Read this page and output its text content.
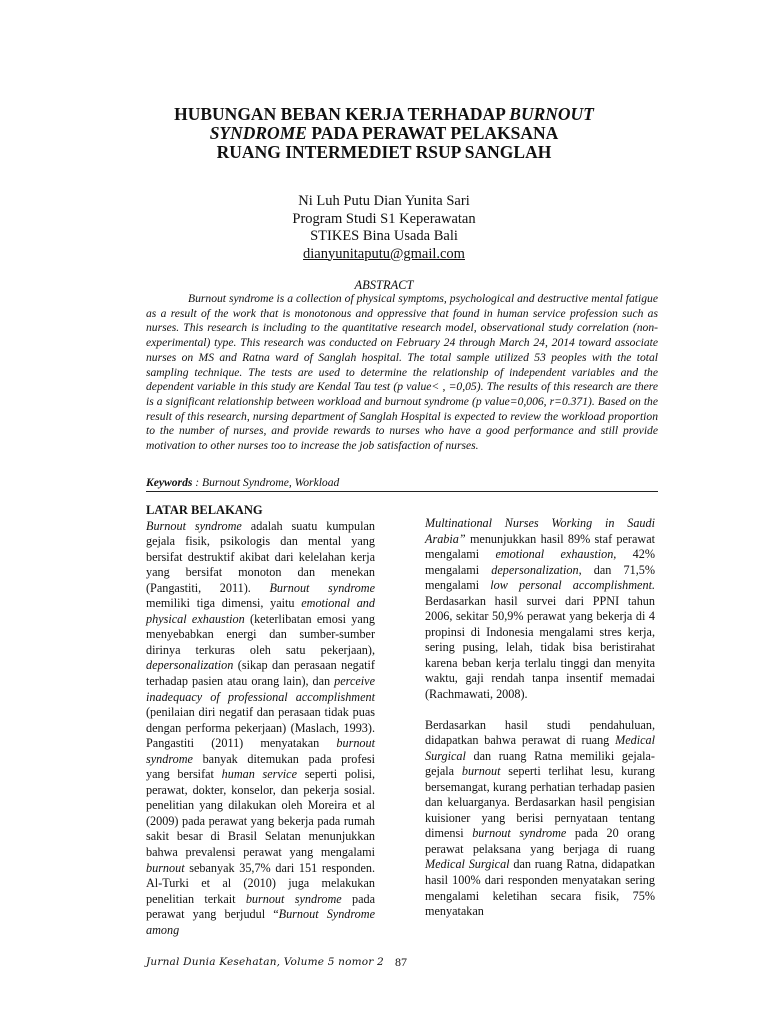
HUBUNGAN BEBAN KERJA TERHADAP BURNOUT
SYNDROME PADA PERAWAT PELAKSANA
RUANG INTERMEDIET RSUP SANGLAH
Ni Luh Putu Dian Yunita Sari
Program Studi S1 Keperawatan
STIKES Bina Usada Bali
dianyunitaputu@gmail.com
ABSTRACT

Burnout syndrome is a collection of physical symptoms, psychological and destructive mental fatigue as a result of the work that is monotonous and oppressive that found in human service profession such as nurses. This research is including to the quantitative research model, observational study correlation (non-experimental) type. This research was conducted on February 24 through March 24, 2014 toward associate nurses on MS and Ratna ward of Sanglah hospital. The total sample utilized 53 peoples with the total sampling technique. The tests are used to determine the relationship of independent variables and the dependent variable in this study are Kendal Tau test (p value< , =0,05). The results of this research are there is a significant relationship between workload and burnout syndrome (p value=0,006, r=0.371). Based on the result of this research, nursing department of Sanglah Hospital is expected to review the workload proportion to the number of nurses, and provide rewards to nurses who have a good performance and still provide motivation to other nurses too to increase the job satisfaction of nurses.

Keywords : Burnout Syndrome, Workload
LATAR BELAKANG

Burnout syndrome adalah suatu kumpulan gejala fisik, psikologis dan mental yang bersifat destruktif akibat dari kelelahan kerja yang bersifat monoton dan menekan (Pangastiti, 2011). Burnout syndrome memiliki tiga dimensi, yaitu emotional and physical exhaustion (keterlibatan emosi yang menyebabkan energi dan sumber-sumber dirinya terkuras oleh satu pekerjaan), depersonalization (sikap dan perasaan negatif terhadap pasien atau orang lain), dan perceive inadequacy of professional accomplishment (penilaian diri negatif dan perasaan tidak puas dengan performa pekerjaan) (Maslach, 1993). Pangastiti (2011) menyatakan burnout syndrome banyak ditemukan pada profesi yang bersifat human service seperti polisi, perawat, dokter, konselor, dan pekerja sosial. penelitian yang dilakukan oleh Moreira et al (2009) pada perawat yang bekerja pada rumah sakit besar di Brasil Selatan menunjukkan bahwa prevalensi perawat yang mengalami burnout sebanyak 35,7% dari 151 responden. Al-Turki et al (2010) juga melakukan penelitian terkait burnout syndrome pada perawat yang berjudul “Burnout Syndrome among

Multinational Nurses Working in Saudi Arabia” menunjukkan hasil 89% staf perawat mengalami emotional exhaustion, 42% mengalami depersonalization, dan 71,5% mengalami low personal accomplishment. Berdasarkan hasil survei dari PPNI tahun 2006, sekitar 50,9% perawat yang bekerja di 4 propinsi di Indonesia mengalami stres kerja, sering pusing, lelah, tidak bisa beristirahat karena beban kerja terlalu tinggi dan menyita waktu, gaji rendah tanpa insentif memadai (Rachmawati, 2008).

Berdasarkan hasil studi pendahuluan, didapatkan bahwa perawat di ruang Medical Surgical dan ruang Ratna memiliki gejala-gejala burnout seperti terlihat lesu, kurang bersemangat, kurang perhatian terhadap pasien dan keluarganya. Berdasarkan hasil pengisian kuisioner yang berisi pernyataan tentang dimensi burnout syndrome pada 20 orang perawat pelaksana yang berjaga di ruang Medical Surgical dan ruang Ratna, didapatkan hasil 100% dari responden menyatakan sering mengalami keletihan secara fisik, 75% menyatakan

Jurnal Dunia Kesehatan, Volume 5 nomor 2 87
